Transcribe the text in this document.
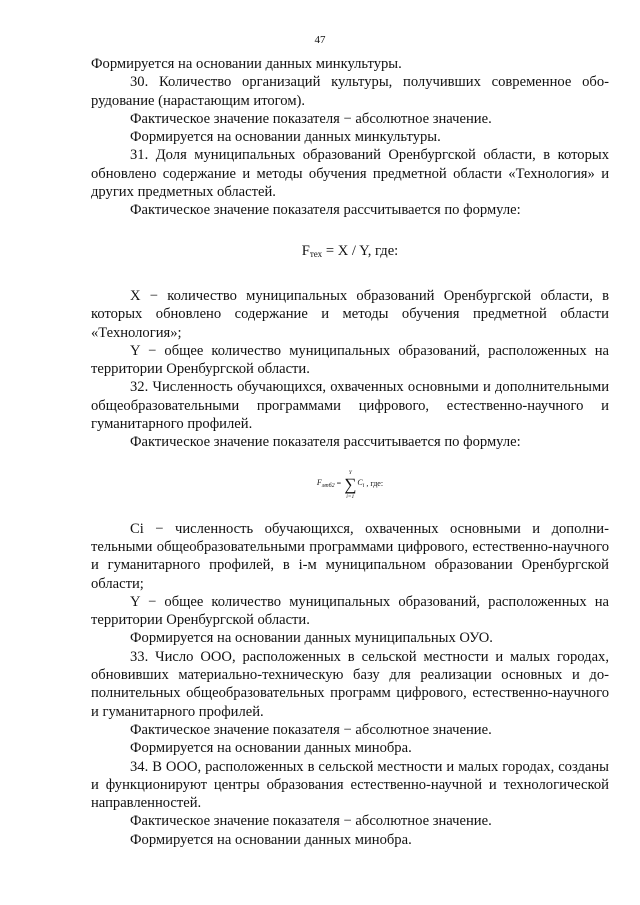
47

Формируется на основании данных минкультуры.

30. Количество организаций культуры, получивших современное оборудование (нарастающим итогом).

Фактическое значение показателя − абсолютное значение.

Формируется на основании данных минкультуры.

31. Доля муниципальных образований Оренбургской области, в которых обновлено содержание и методы обучения предметной области «Технология» и других предметных областей.

Фактическое значение показателя рассчитывается по формуле:

$F_{тех} = X / Y$, где:

X − количество муниципальных образований Оренбургской области, в которых обновлено содержание и методы обучения предметной области «Технология»;

Y − общее количество муниципальных образований, расположенных на территории Оренбургской области.

32. Численность обучающихся, охваченных основными и дополнительными общеобразовательными программами цифрового, естественно-научного и гуманитарного профилей.

Фактическое значение показателя рассчитывается по формуле:

$F_{мпб2}$ =
Y
∑
i=1
$C_i$ , где:

Ci − численность обучающихся, охваченных основными и дополнительными общеобразовательными программами цифрового, естественно-научного и гуманитарного профилей, в i-м муниципальном образовании Оренбургской области;

Y − общее количество муниципальных образований, расположенных на территории Оренбургской области.

Формируется на основании данных муниципальных ОУО.

33. Число ООО, расположенных в сельской местности и малых городах, обновивших материально-техническую базу для реализации основных и дополнительных общеобразовательных программ цифрового, естественно-научного и гуманитарного профилей.

Фактическое значение показателя − абсолютное значение.

Формируется на основании данных минобра.

34. В ООО, расположенных в сельской местности и малых городах, созданы и функционируют центры образования естественно-научной и технологической направленностей.

Фактическое значение показателя − абсолютное значение.

Формируется на основании данных минобра.
